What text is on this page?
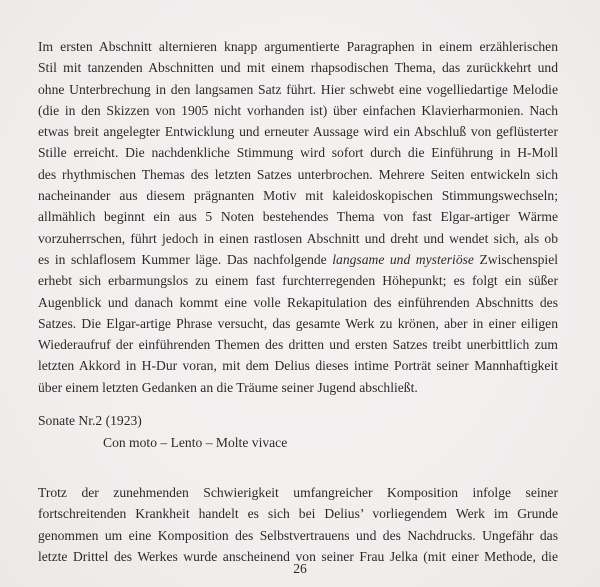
Im ersten Abschnitt alternieren knapp argumentierte Paragraphen in einem erzählerischen
Stil mit tanzenden Abschnitten und mit einem rhapsodischen Thema, das zurückkehrt und
ohne Unterbrechung in den langsamen Satz führt. Hier schwebt eine vogelliedartige Melodie
(die in den Skizzen von 1905 nicht vorhanden ist) über einfachen Klavierharmonien. Nach
etwas breit angelegter Entwicklung und erneuter Aussage wird ein Abschluß von geflüsterter
Stille erreicht. Die nachdenkliche Stimmung wird sofort durch die Einführung in H-Moll
des rhythmischen Themas des letzten Satzes unterbrochen. Mehrere Seiten entwickeln sich
nacheinander aus diesem prägnanten Motiv mit kaleidoskopischen Stimmungswechseln;
allmählich beginnt ein aus 5 Noten bestehendes Thema von fast Elgar-artiger Wärme
vorzuherrschen, führt jedoch in einen rastlosen Abschnitt und dreht und wendet sich, als ob
es in schlaflosem Kummer läge. Das nachfolgende langsame und mysteriöse Zwischenspiel
erhebt sich erbarmungslos zu einem fast furchterregenden Höhepunkt; es folgt ein süßer
Augenblick und danach kommt eine volle Rekapitulation des einführenden Abschnitts des
Satzes. Die Elgar-artige Phrase versucht, das gesamte Werk zu krönen, aber in einer eiligen
Wiederaufruf der einführenden Themen des dritten und ersten Satzes treibt unerbittlich zum
letzten Akkord in H-Dur voran, mit dem Delius dieses intime Porträt seiner Mannhaftigkeit
über einem letzten Gedanken an die Träume seiner Jugend abschließt.
Sonate Nr.2 (1923)
Con moto – Lento – Molte vivace
Trotz der zunehmenden Schwierigkeit umfangreicher Komposition infolge seiner
fortschreitenden Krankheit handelt es sich bei Delius’ vorliegendem Werk im Grunde
genommen um eine Komposition des Selbstvertrauens und des Nachdrucks. Ungefähr das
letzte Drittel des Werkes wurde anscheinend von seiner Frau Jelka (mit einer Methode, die
26
